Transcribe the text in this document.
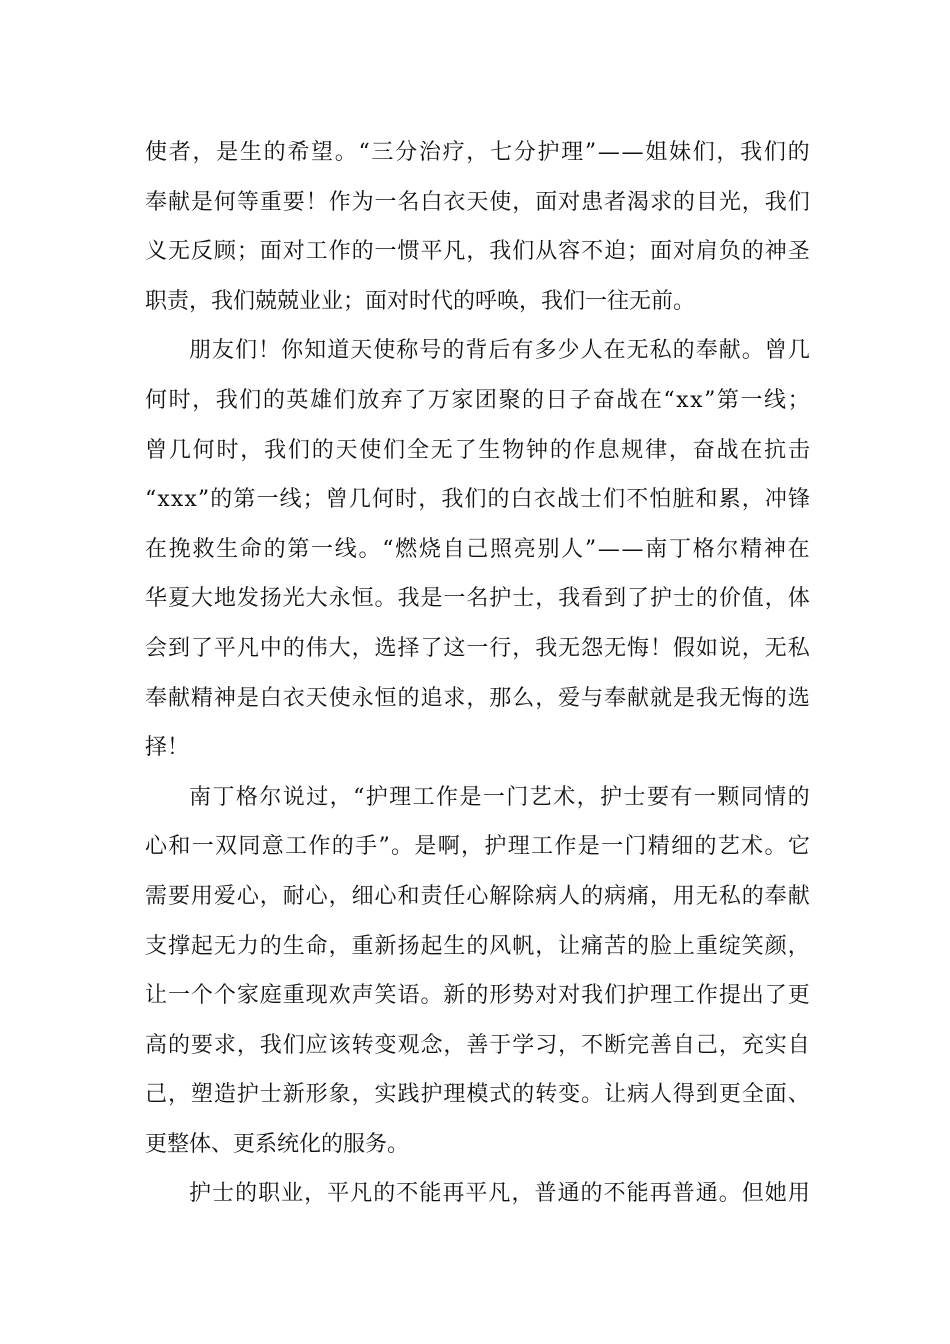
使 者 ， 是 生 的 希 望 。 “ 三 分 治 疗 ， 七 分 护 理 ” — — 姐 妹 们 ， 我 们 的
奉 献 是 何 等 重 要 ！ 作 为 一 名 白 衣 天 使 ， 面 对 患 者 渴 求 的 目 光 ， 我 们
义 无 反 顾 ； 面 对 工 作 的 一 惯 平 凡 ， 我 们 从 容 不 迫 ； 面 对 肩 负 的 神 圣
职责，我们兢兢业业；面对时代的呼唤，我们一往无前。
朋 友 们 ！ 你 知 道 天 使 称 号 的 背 后 有 多 少 人 在 无 私 的 奉 献 。 曾 几
何 时 ， 我 们 的 英 雄 们 放 弃 了 万 家 团 聚 的 日 子 奋 战 在 “ x x ” 第 一 线 ；
曾 几 何 时 ， 我 们 的 天 使 们 全 无 了 生 物 钟 的 作 息 规 律 ， 奋 战 在 抗 击
“ x x x ” 的 第 一 线 ； 曾 几 何 时 ， 我 们 的 白 衣 战 士 们 不 怕 脏 和 累 ， 冲 锋
在 挽 救 生 命 的 第 一 线 。 “ 燃 烧 自 己 照 亮 别 人 ” — — 南 丁 格 尔 精 神 在
华 夏 大 地 发 扬 光 大 永 恒 。 我 是 一 名 护 士 ， 我 看 到 了 护 士 的 价 值 ， 体
会 到 了 平 凡 中 的 伟 大 ， 选 择 了 这 一 行 ， 我 无 怨 无 悔 ！ 假 如 说 ， 无 私
奉 献 精 神 是 白 衣 天 使 永 恒 的 追 求 ， 那 么 ， 爱 与 奉 献 就 是 我 无 悔 的 选
择！
南 丁 格 尔 说 过 ， “ 护 理 工 作 是 一 门 艺 术 ， 护 士 要 有 一 颗 同 情 的
心 和 一 双 同 意 工 作 的 手 ” 。 是 啊 ， 护 理 工 作 是 一 门 精 细 的 艺 术 。 它
需 要 用 爱 心 ， 耐 心 ， 细 心 和 责 任 心 解 除 病 人 的 病 痛 ， 用 无 私 的 奉 献
支 撑 起 无 力 的 生 命 ， 重 新 扬 起 生 的 风 帆 ， 让 痛 苦 的 脸 上 重 绽 笑 颜 ，
让 一 个 个 家 庭 重 现 欢 声 笑 语 。 新 的 形 势 对 对 我 们 护 理 工 作 提 出 了 更
高 的 要 求 ， 我 们 应 该 转 变 观 念 ， 善 于 学 习 ， 不 断 完 善 自 己 ， 充 实 自
己 ， 塑 造 护 士 新 形 象 ， 实 践 护 理 模 式 的 转 变 。 让 病 人 得 到 更 全 面 、
更整体、更系统化的服务。
护 士 的 职 业 ， 平 凡 的 不 能 再 平 凡 ， 普 通 的 不 能 再 普 通 。 但 她 用
